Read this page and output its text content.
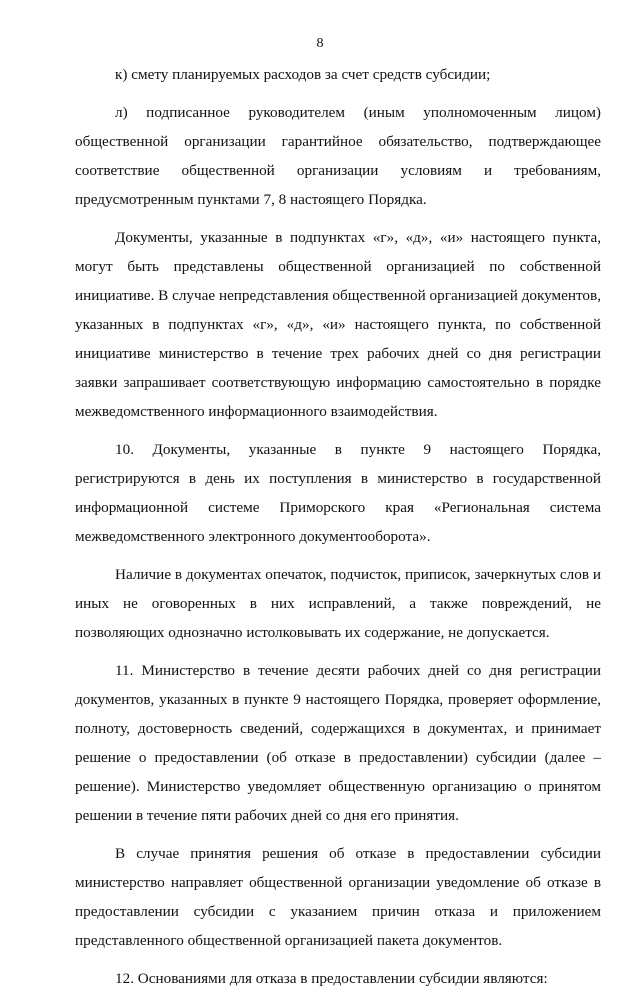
8

к) смету планируемых расходов за счет средств субсидии;

л) подписанное руководителем (иным уполномоченным лицом) общественной организации гарантийное обязательство, подтверждающее соответствие общественной организации условиям и требованиям, предусмотренным пунктами 7, 8 настоящего Порядка.

Документы, указанные в подпунктах «г», «д», «и» настоящего пункта, могут быть представлены общественной организацией по собственной инициативе. В случае непредставления общественной организацией документов, указанных в подпунктах «г», «д», «и» настоящего пункта, по собственной инициативе министерство в течение трех рабочих дней со дня регистрации заявки запрашивает соответствующую информацию самостоятельно в порядке межведомственного информационного взаимодействия.

10. Документы, указанные в пункте 9 настоящего Порядка, регистрируются в день их поступления в министерство в государственной информационной системе Приморского края «Региональная система межведомственного электронного документооборота».

Наличие в документах опечаток, подчисток, приписок, зачеркнутых слов и иных не оговоренных в них исправлений, а также повреждений, не позволяющих однозначно истолковывать их содержание, не допускается.

11. Министерство в течение десяти рабочих дней со дня регистрации документов, указанных в пункте 9 настоящего Порядка, проверяет оформление, полноту, достоверность сведений, содержащихся в документах, и принимает решение о предоставлении (об отказе в предоставлении) субсидии (далее – решение). Министерство уведомляет общественную организацию о принятом решении в течение пяти рабочих дней со дня его принятия.

В случае принятия решения об отказе в предоставлении субсидии министерство направляет общественной организации уведомление об отказе в предоставлении субсидии с указанием причин отказа и приложением представленного общественной организацией пакета документов.

12. Основаниями для отказа в предоставлении субсидии являются:
